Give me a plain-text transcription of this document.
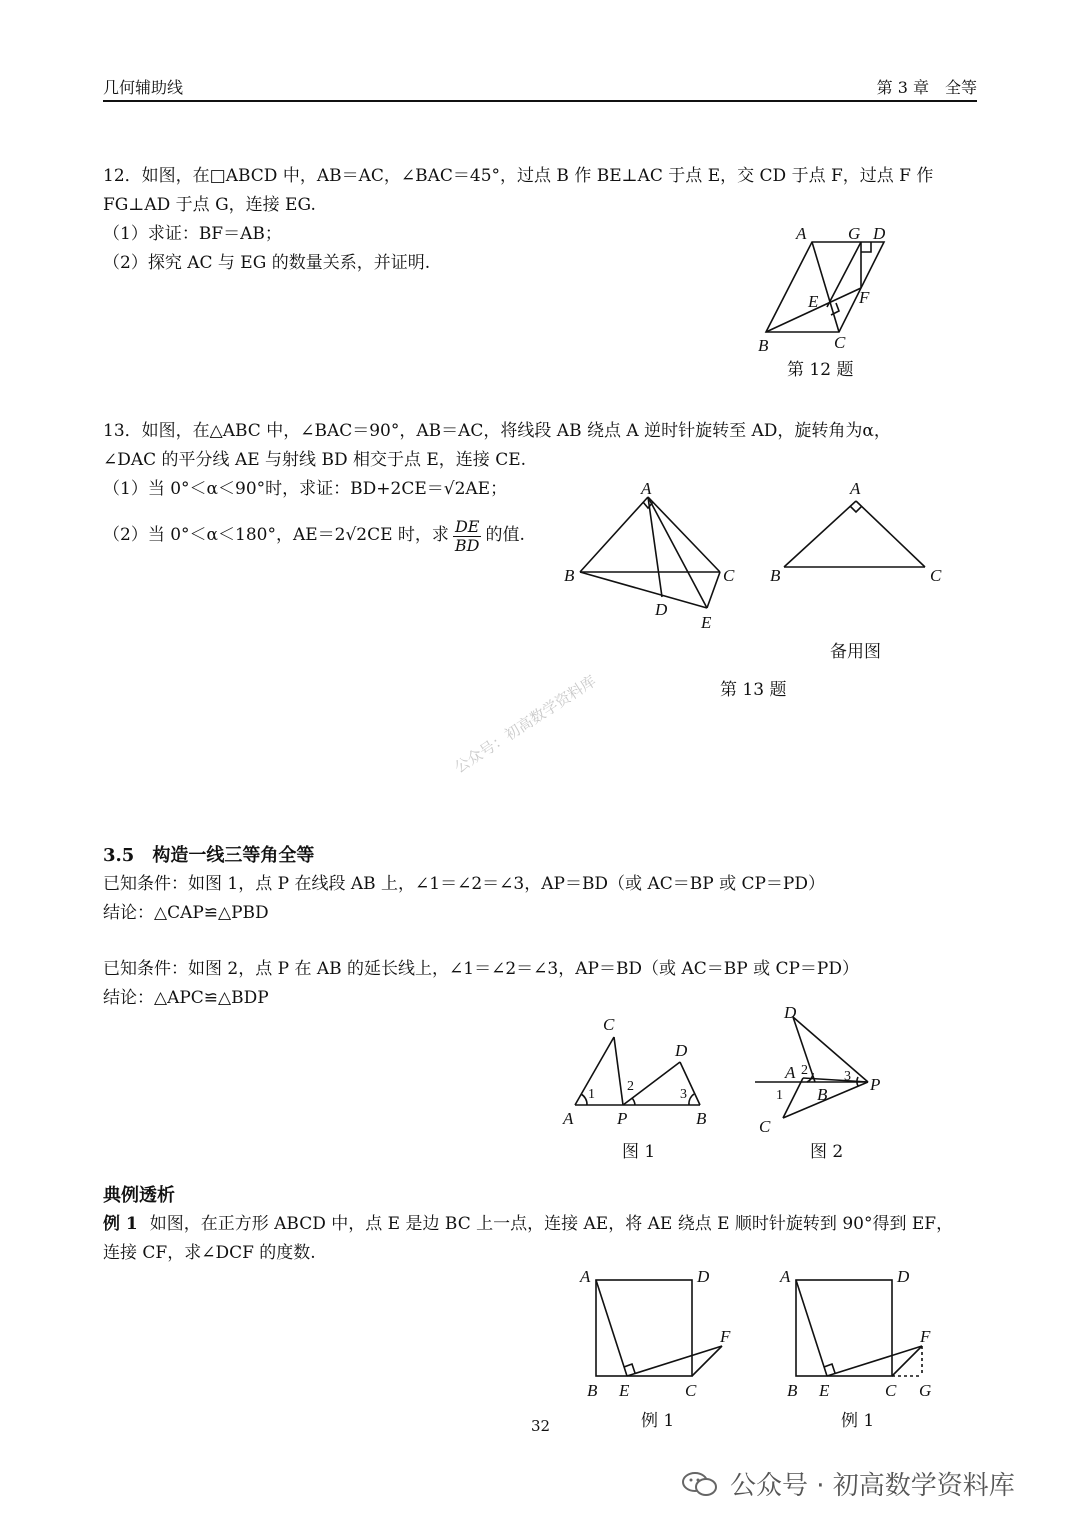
几何辅助线	第 3 章　全等
12．如图，在□ABCD 中，AB＝AC，∠BAC＝45°，过点 B 作 BE⊥AC 于点 E，交 CD 于点 F，过点 F 作
FG⊥AD 于点 G，连接 EG.
（1）求证：BF＝AB；
（2）探究 AC 与 EG 的数量关系，并证明.
A G D
E F
B	C
第 12 题
13．如图，在△ABC 中，∠BAC＝90°，AB＝AC，将线段 AB 绕点 A 逆时针旋转至 AD，旋转角为α，
∠DAC 的平分线 AE 与射线 BD 相交于点 E，连接 CE.
（1）当 0°＜α＜90°时，求证：BD+2CE＝√2AE；
（2）当 0°＜α＜180°，AE＝2√2CE 时，求 $\frac{DE}{BD}$ 的值.
A
B	C
D
E
A
B	C
备用图
第 13 题
公众号：初高数学资料库
3.5　构造一线三等角全等
已知条件：如图 1，点 P 在线段 AB 上，∠1＝∠2＝∠3，AP＝BD（或 AC＝BP 或 CP＝PD）
结论：△CAP≌△PBD
已知条件：如图 2，点 P 在 AB 的延长线上，∠1＝∠2＝∠3，AP＝BD（或 AC＝BP 或 CP＝PD）
结论：△APC≌△BDP
C
D
A	P	B
1
2
3
D
A
B
P
C
1
2	3
图 1	图 2
典例透析
例 1 如图，在正方形 ABCD 中，点 E 是边 BC 上一点，连接 AE，将 AE 绕点 E 顺时针旋转到 90°得到 EF，
连接 CF，求∠DCF 的度数.
A	D
F
B E	C
A	D
F
B E	C G
例 1	例 1
32
公众号 · 初高数学资料库
